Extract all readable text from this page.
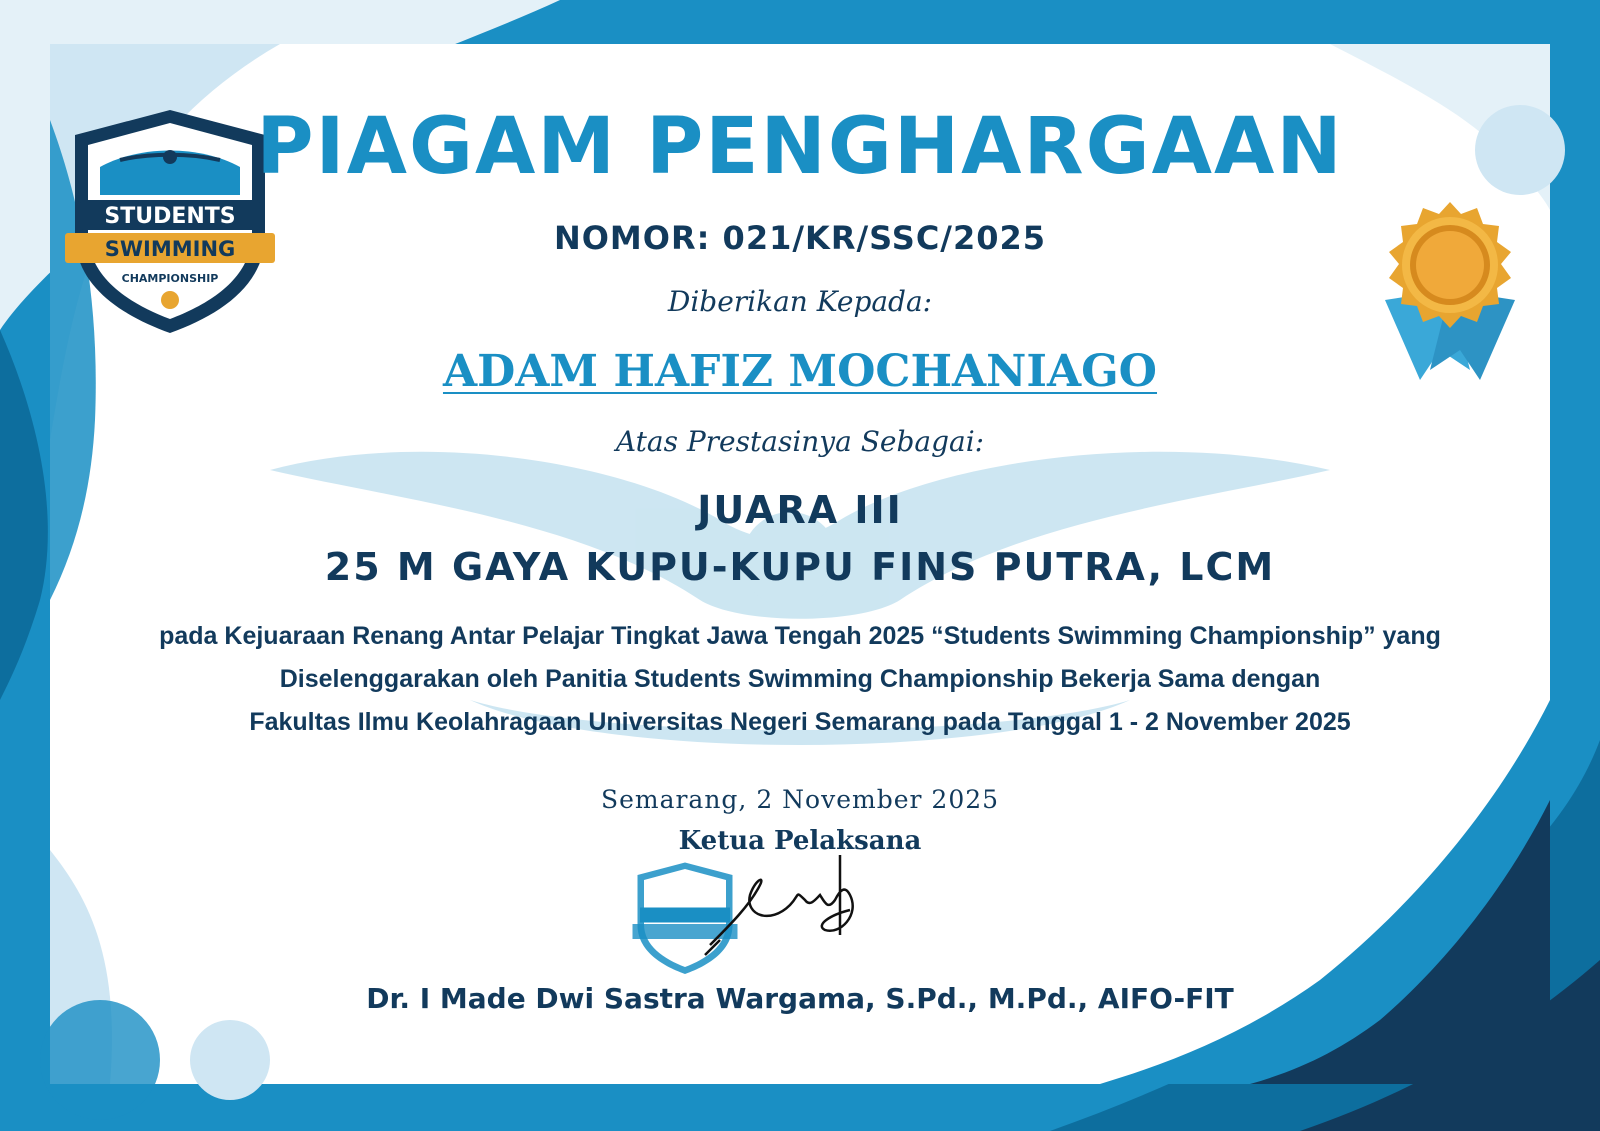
STUDENTS
SWIMMING
CHAMPIONSHIP
PIAGAM PENGHARGAAN
NOMOR: 021/KR/SSC/2025
Diberikan Kepada:
ADAM HAFIZ MOCHANIAGO
Atas Prestasinya Sebagai:
JUARA III
25 M GAYA KUPU-KUPU FINS PUTRA, LCM
pada Kejuaraan Renang Antar Pelajar Tingkat Jawa Tengah 2025 “Students Swimming Championship” yang
Diselenggarakan oleh Panitia Students Swimming Championship Bekerja Sama dengan
Fakultas Ilmu Keolahragaan Universitas Negeri Semarang pada Tanggal 1 - 2 November 2025
Semarang, 2 November 2025
Ketua Pelaksana
Dr. I Made Dwi Sastra Wargama, S.Pd., M.Pd., AIFO-FIT
